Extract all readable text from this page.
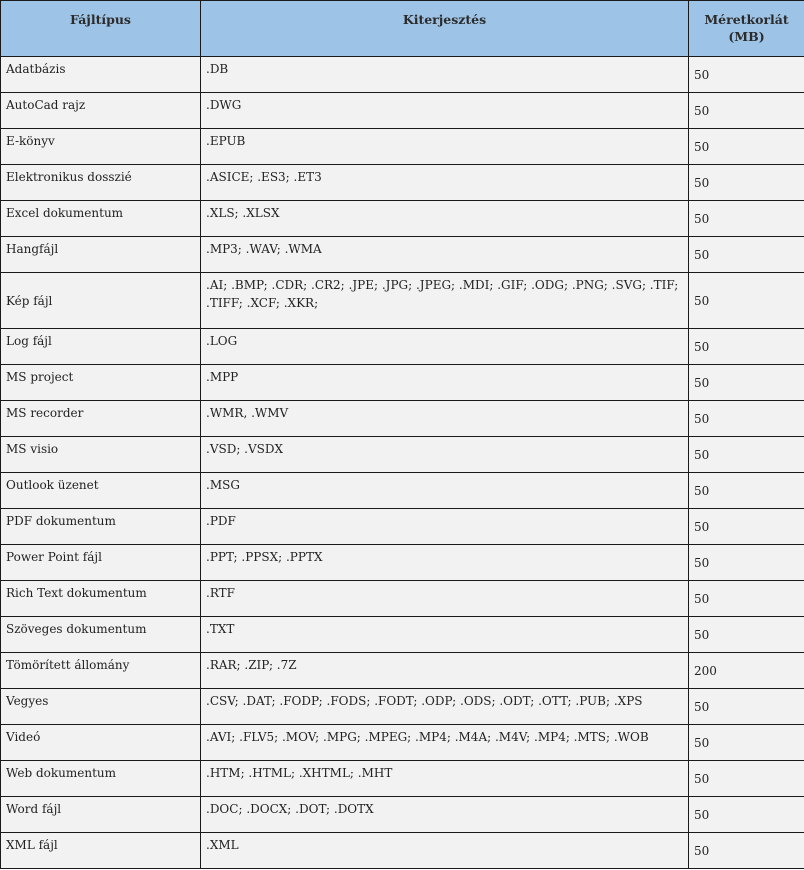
Fájltípus	Kiterjesztés	Méretkorlát (MB)
Adatbázis	.DB	50
AutoCad rajz	.DWG	50
E-könyv	.EPUB	50
Elektronikus dosszié	.ASICE; .ES3; .ET3	50
Excel dokumentum	.XLS; .XLSX	50
Hangfájl	.MP3; .WAV; .WMA	50
Kép fájl	.AI; .BMP; .CDR; .CR2; .JPE; .JPG; .JPEG; .MDI; .GIF; .ODG; .PNG; .SVG; .TIF; .TIFF; .XCF; .XKR;	50
Log fájl	.LOG	50
MS project	.MPP	50
MS recorder	.WMR, .WMV	50
MS visio	.VSD; .VSDX	50
Outlook üzenet	.MSG	50
PDF dokumentum	.PDF	50
Power Point fájl	.PPT; .PPSX; .PPTX	50
Rich Text dokumentum	.RTF	50
Szöveges dokumentum	.TXT	50
Tömörített állomány	.RAR; .ZIP; .7Z	200
Vegyes	.CSV; .DAT; .FODP; .FODS; .FODT; .ODP; .ODS; .ODT; .OTT; .PUB; .XPS	50
Videó	.AVI; .FLV5; .MOV; .MPG; .MPEG; .MP4; .M4A; .M4V; .MP4; .MTS; .WOB	50
Web dokumentum	.HTM; .HTML; .XHTML; .MHT	50
Word fájl	.DOC; .DOCX; .DOT; .DOTX	50
XML fájl	.XML	50
